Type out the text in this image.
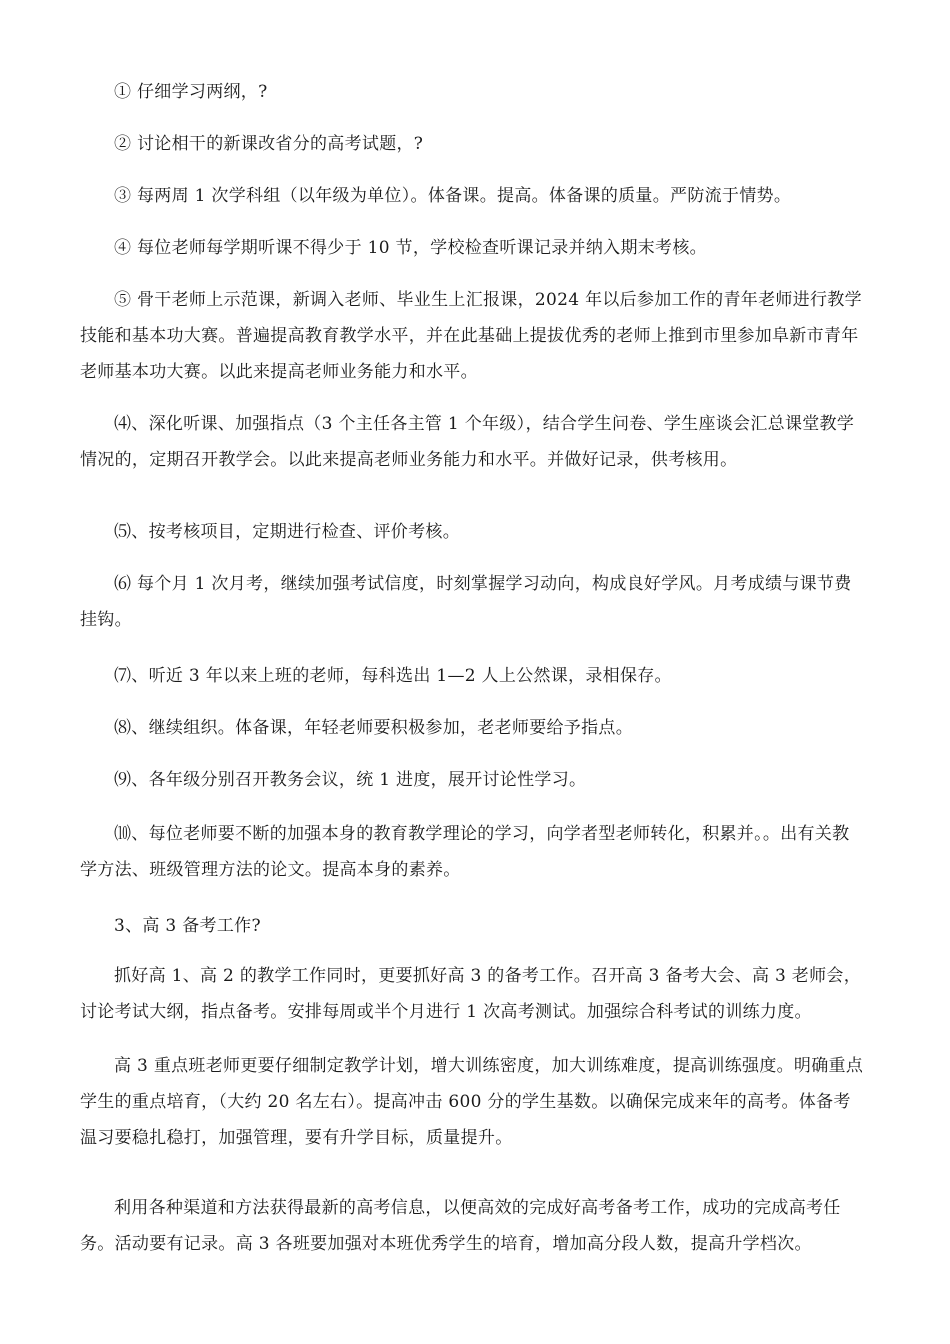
① 仔细学习两纲，?

② 讨论相干的新课改省分的高考试题，?

③ 每两周 1 次学科组（以年级为单位）。体备课。提高。体备课的质量。严防流于情势。

④ 每位老师每学期听课不得少于 10 节，学校检查听课记录并纳入期末考核。

⑤ 骨干老师上示范课，新调入老师、毕业生上汇报课，2024 年以后参加工作的青年老师进行教学技能和基本功大赛。普遍提高教育教学水平，并在此基础上提拔优秀的老师上推到市里参加阜新市青年老师基本功大赛。以此来提高老师业务能力和水平。

⑷、深化听课、加强指点（3 个主任各主管 1 个年级），结合学生问卷、学生座谈会汇总课堂教学情况的，定期召开教学会。以此来提高老师业务能力和水平。并做好记录，供考核用。

⑸、按考核项目，定期进行检查、评价考核。

⑹ 每个月 1 次月考，继续加强考试信度，时刻掌握学习动向，构成良好学风。月考成绩与课节费挂钩。

⑺、听近 3 年以来上班的老师，每科选出 1—2 人上公然课，录相保存。

⑻、继续组织。体备课，年轻老师要积极参加，老老师要给予指点。

⑼、各年级分别召开教务会议，统 1 进度，展开讨论性学习。

⑽、每位老师要不断的加强本身的教育教学理论的学习，向学者型老师转化，积累并。。出有关教学方法、班级管理方法的论文。提高本身的素养。

3、高 3 备考工作?

抓好高 1、高 2 的教学工作同时，更要抓好高 3 的备考工作。召开高 3 备考大会、高 3 老师会，讨论考试大纲，指点备考。安排每周或半个月进行 1 次高考测试。加强综合科考试的训练力度。

高 3 重点班老师更要仔细制定教学计划，增大训练密度，加大训练难度，提高训练强度。明确重点学生的重点培育，（大约 20 名左右）。提高冲击 600 分的学生基数。以确保完成来年的高考。体备考温习要稳扎稳打，加强管理，要有升学目标，质量提升。

利用各种渠道和方法获得最新的高考信息，以便高效的完成好高考备考工作，成功的完成高考任务。活动要有记录。高 3 各班要加强对本班优秀学生的培育，增加高分段人数，提高升学档次。
